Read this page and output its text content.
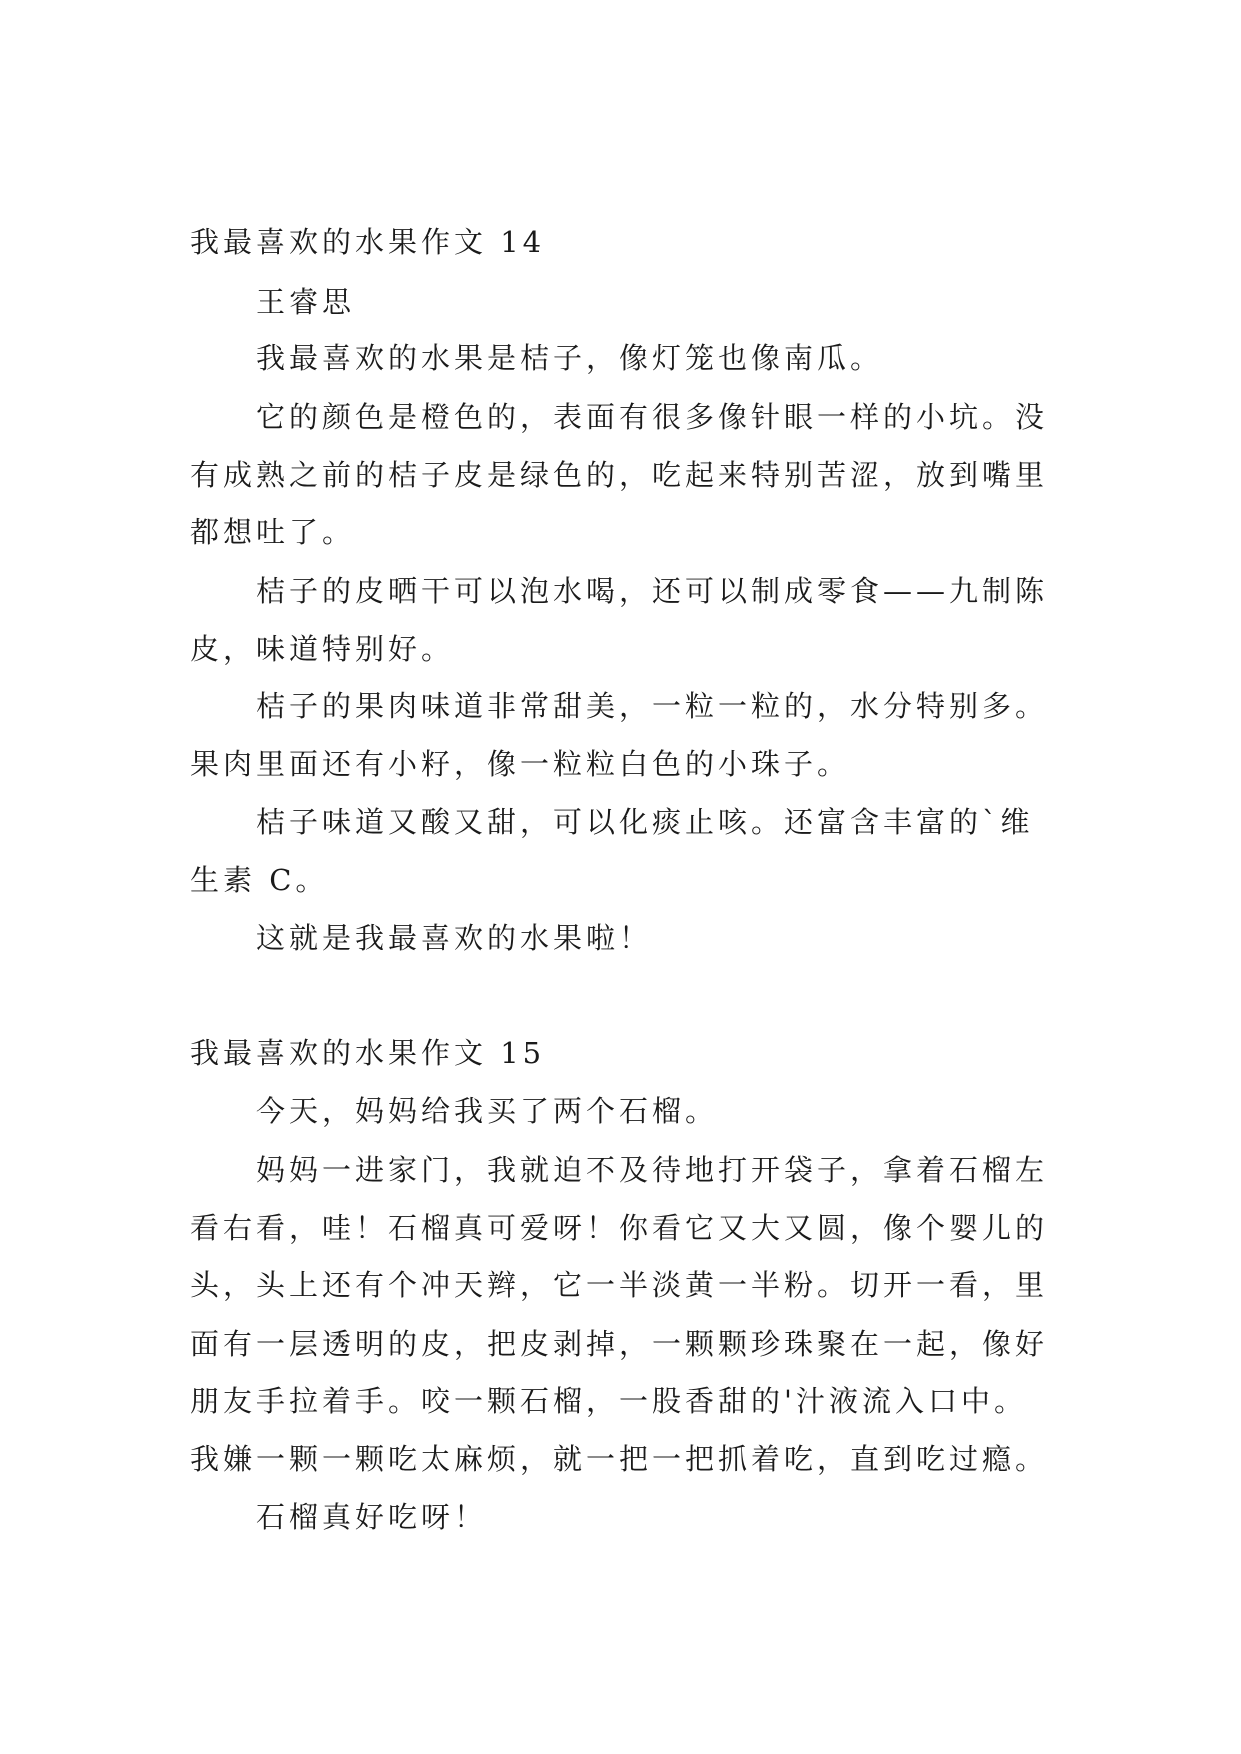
我最喜欢的水果作文 14
王睿思
我最喜欢的水果是桔子，像灯笼也像南瓜。
它的颜色是橙色的，表面有很多像针眼一样的小坑。没
有成熟之前的桔子皮是绿色的，吃起来特别苦涩，放到嘴里
都想吐了。
桔子的皮晒干可以泡水喝，还可以制成零食——九制陈
皮，味道特别好。
桔子的果肉味道非常甜美，一粒一粒的，水分特别多。
果肉里面还有小籽，像一粒粒白色的小珠子。
桔子味道又酸又甜，可以化痰止咳。还富含丰富的`维
生素 C。
这就是我最喜欢的水果啦！
我最喜欢的水果作文 15
今天，妈妈给我买了两个石榴。
妈妈一进家门，我就迫不及待地打开袋子，拿着石榴左
看右看，哇！石榴真可爱呀！你看它又大又圆，像个婴儿的
头，头上还有个冲天辫，它一半淡黄一半粉。切开一看，里
面有一层透明的皮，把皮剥掉，一颗颗珍珠聚在一起，像好
朋友手拉着手。咬一颗石榴，一股香甜的'汁液流入口中。
我嫌一颗一颗吃太麻烦，就一把一把抓着吃，直到吃过瘾。
石榴真好吃呀！
